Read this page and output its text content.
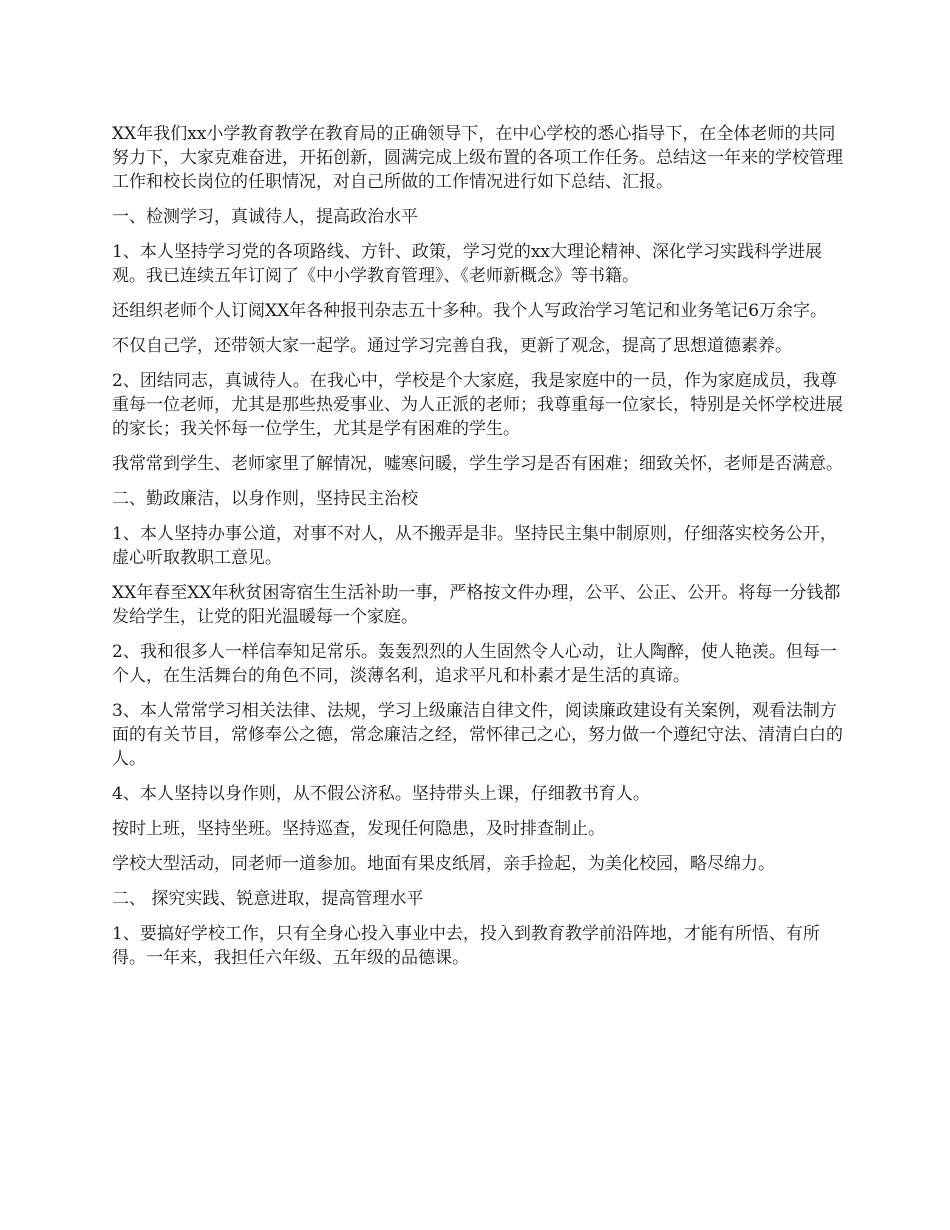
XX年我们xx小学教育教学在教育局的正确领导下，在中心学校的悉心指导下，在全体老师的共同努力下，大家克难奋进，开拓创新，圆满完成上级布置的各项工作任务。总结这一年来的学校管理工作和校长岗位的任职情况，对自己所做的工作情况进行如下总结、汇报。

一、检测学习，真诚待人，提高政治水平

1、本人坚持学习党的各项路线、方针、政策，学习党的xx大理论精神、深化学习实践科学进展观。我已连续五年订阅了《中小学教育管理》、《老师新概念》等书籍。

还组织老师个人订阅XX年各种报刊杂志五十多种。我个人写政治学习笔记和业务笔记6万余字。

不仅自己学，还带领大家一起学。通过学习完善自我，更新了观念，提高了思想道德素养。

2、团结同志，真诚待人。在我心中，学校是个大家庭，我是家庭中的一员，作为家庭成员，我尊重每一位老师，尤其是那些热爱事业、为人正派的老师；我尊重每一位家长，特别是关怀学校进展的家长；我关怀每一位学生，尤其是学有困难的学生。

我常常到学生、老师家里了解情况，嘘寒问暖，学生学习是否有困难；细致关怀，老师是否满意。

二、勤政廉洁，以身作则，坚持民主治校

1、本人坚持办事公道，对事不对人，从不搬弄是非。坚持民主集中制原则，仔细落实校务公开，虚心听取教职工意见。

XX年春至XX年秋贫困寄宿生生活补助一事，严格按文件办理，公平、公正、公开。将每一分钱都发给学生，让党的阳光温暖每一个家庭。

2、我和很多人一样信奉知足常乐。轰轰烈烈的人生固然令人心动，让人陶醉，使人艳羡。但每一个人，在生活舞台的角色不同，淡薄名利，追求平凡和朴素才是生活的真谛。

3、本人常常学习相关法律、法规，学习上级廉洁自律文件，阅读廉政建设有关案例，观看法制方面的有关节目，常修奉公之德，常念廉洁之经，常怀律己之心，努力做一个遵纪守法、清清白白的人。

4、本人坚持以身作则，从不假公济私。坚持带头上课，仔细教书育人。

按时上班，坚持坐班。坚持巡查，发现任何隐患，及时排查制止。

学校大型活动，同老师一道参加。地面有果皮纸屑，亲手捡起，为美化校园，略尽绵力。

二、 探究实践、锐意进取，提高管理水平

1、要搞好学校工作，只有全身心投入事业中去，投入到教育教学前沿阵地，才能有所悟、有所得。一年来，我担任六年级、五年级的品德课。
